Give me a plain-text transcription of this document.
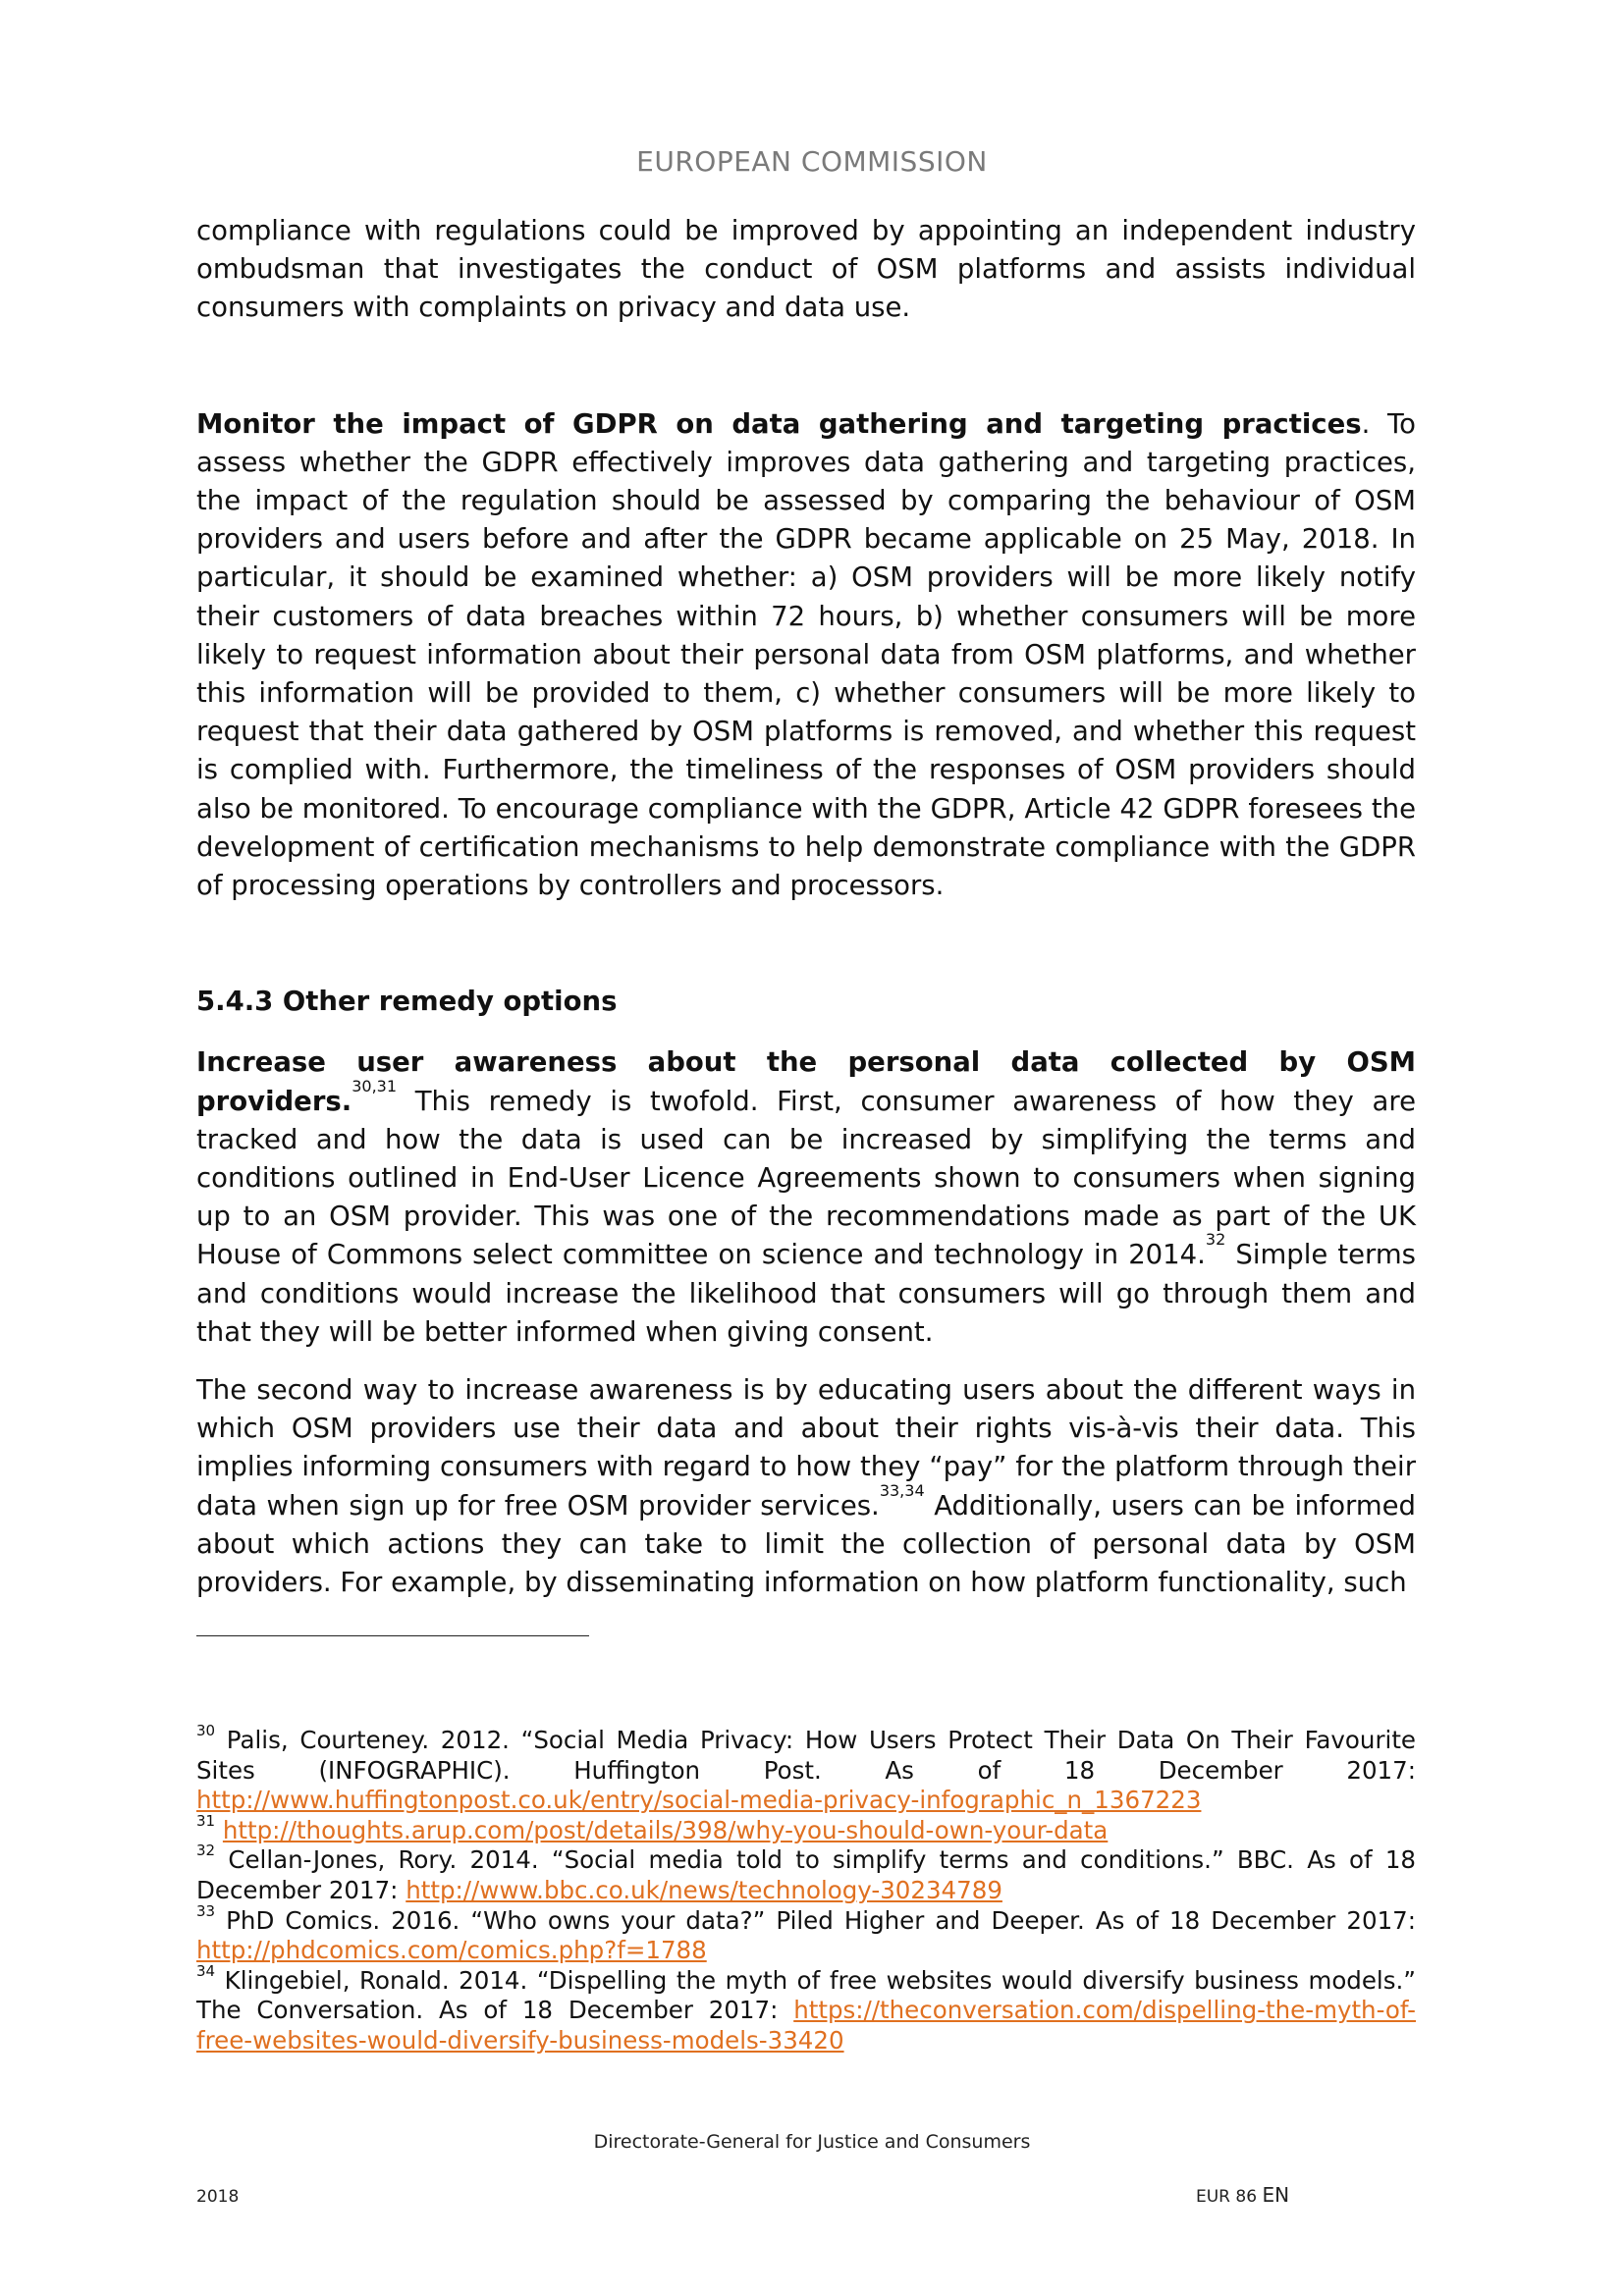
EUROPEAN COMMISSION

compliance with regulations could be improved by appointing an independent industry ombudsman that investigates the conduct of OSM platforms and assists individual consumers with complaints on privacy and data use.

Monitor the impact of GDPR on data gathering and targeting practices. To assess whether the GDPR effectively improves data gathering and targeting practices, the impact of the regulation should be assessed by comparing the behaviour of OSM providers and users before and after the GDPR became applicable on 25 May, 2018. In particular, it should be examined whether: a) OSM providers will be more likely notify their customers of data breaches within 72 hours, b) whether consumers will be more likely to request information about their personal data from OSM platforms, and whether this information will be provided to them, c) whether consumers will be more likely to request that their data gathered by OSM platforms is removed, and whether this request is complied with. Furthermore, the timeliness of the responses of OSM providers should also be monitored. To encourage compliance with the GDPR, Article 42 GDPR foresees the development of certification mechanisms to help demonstrate compliance with the GDPR of processing operations by controllers and processors.

5.4.3 Other remedy options

Increase user awareness about the personal data collected by OSM providers.$^{30,31}$ This remedy is twofold. First, consumer awareness of how they are tracked and how the data is used can be increased by simplifying the terms and conditions outlined in End-User Licence Agreements shown to consumers when signing up to an OSM provider. This was one of the recommendations made as part of the UK House of Commons select committee on science and technology in 2014.32 Simple terms and conditions would increase the likelihood that consumers will go through them and that they will be better informed when giving consent.

The second way to increase awareness is by educating users about the different ways in which OSM providers use their data and about their rights vis-à-vis their data. This implies informing consumers with regard to how they “pay” for the platform through their data when sign up for free OSM provider services.$^{33,34}$ Additionally, users can be informed about which actions they can take to limit the collection of personal data by OSM providers. For example, by disseminating information on how platform functionality, such

$^{30}$ Palis, Courteney. 2012. “Social Media Privacy: How Users Protect Their Data On Their Favourite Sites (INFOGRAPHIC). Huffington Post. As of 18 December 2017: http://www.huffingtonpost.co.uk/entry/social-media-privacy-infographic_n_1367223

$^{31}$ http://thoughts.arup.com/post/details/398/why-you-should-own-your-data

$^{32}$ Cellan-Jones, Rory. 2014. “Social media told to simplify terms and conditions.” BBC. As of 18 December 2017: http://www.bbc.co.uk/news/technology-30234789

$^{33}$ PhD Comics. 2016. “Who owns your data?” Piled Higher and Deeper. As of 18 December 2017: http://phdcomics.com/comics.php?f=1788

$^{34}$ Klingebiel, Ronald. 2014. “Dispelling the myth of free websites would diversify business models.” The Conversation. As of 18 December 2017: https://theconversation.com/dispelling-the-myth-of-free-websites-would-diversify-business-models-33420

Directorate-General for Justice and Consumers
2018	EUR 86 EN
